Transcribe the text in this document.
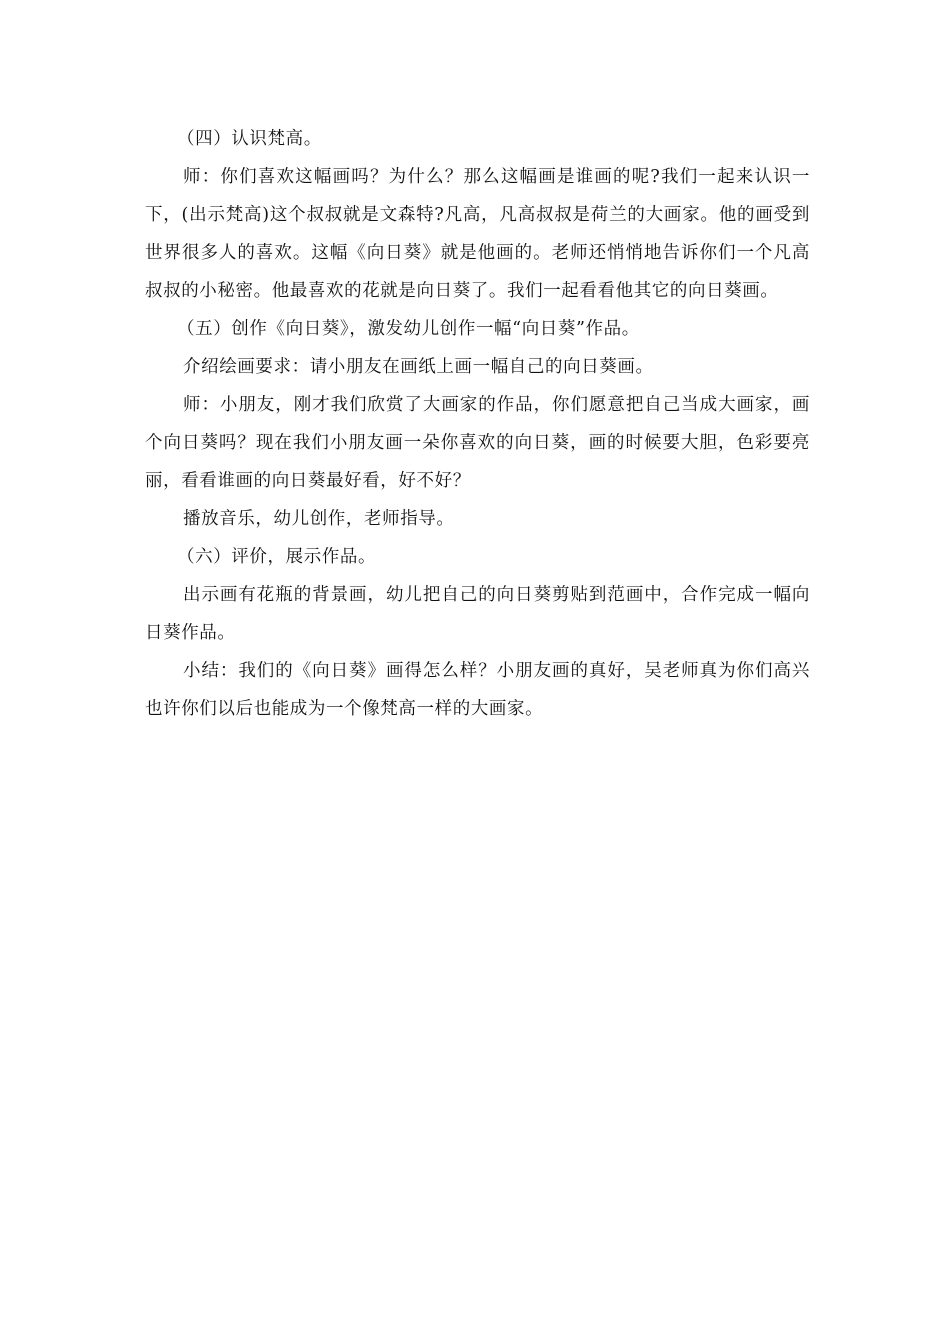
（四）认识梵高。

师：你们喜欢这幅画吗？为什么？那么这幅画是谁画的呢?我们一起来认识一下，(出示梵高)这个叔叔就是文森特?凡高，凡高叔叔是荷兰的大画家。他的画受到世界很多人的喜欢。这幅《向日葵》就是他画的。老师还悄悄地告诉你们一个凡高叔叔的小秘密。他最喜欢的花就是向日葵了。我们一起看看他其它的向日葵画。

（五）创作《向日葵》，激发幼儿创作一幅“向日葵”作品。

介绍绘画要求：请小朋友在画纸上画一幅自己的向日葵画。

师：小朋友，刚才我们欣赏了大画家的作品，你们愿意把自己当成大画家，画个向日葵吗？现在我们小朋友画一朵你喜欢的向日葵，画的时候要大胆，色彩要亮丽，看看谁画的向日葵最好看，好不好？

播放音乐，幼儿创作，老师指导。

（六）评价，展示作品。

出示画有花瓶的背景画，幼儿把自己的向日葵剪贴到范画中，合作完成一幅向日葵作品。

小结：我们的《向日葵》画得怎么样？小朋友画的真好，吴老师真为你们高兴也许你们以后也能成为一个像梵高一样的大画家。
